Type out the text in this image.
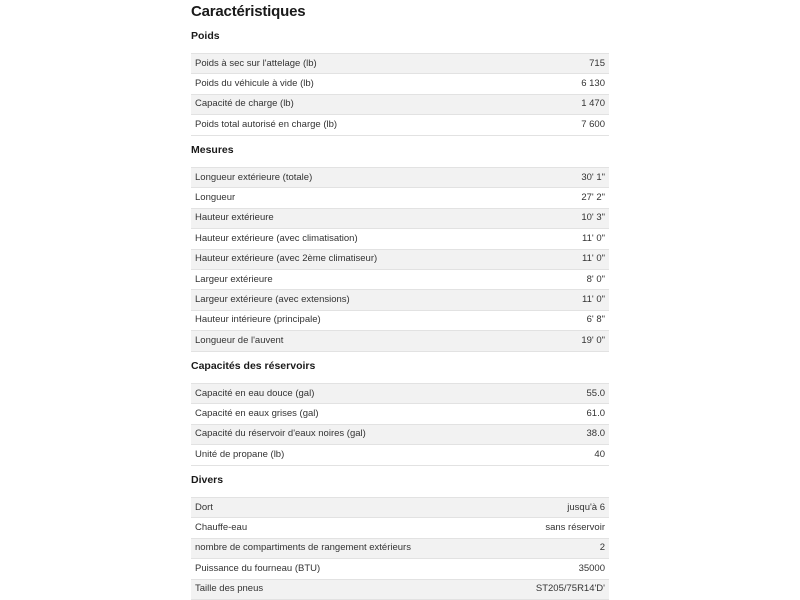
Caractéristiques
Poids
Poids à sec sur l'attelage (lb)	715
Poids du véhicule à vide (lb)	6 130
Capacité de charge (lb)	1 470
Poids total autorisé en charge (lb)	7 600
Mesures
Longueur extérieure (totale)	30' 1"
Longueur	27' 2"
Hauteur extérieure	10' 3"
Hauteur extérieure (avec climatisation)	11' 0"
Hauteur extérieure (avec 2ème climatiseur)	11' 0"
Largeur extérieure	8' 0"
Largeur extérieure (avec extensions)	11' 0"
Hauteur intérieure (principale)	6' 8"
Longueur de l'auvent	19' 0"
Capacités des réservoirs
Capacité en eau douce (gal)	55.0
Capacité en eaux grises (gal)	61.0
Capacité du réservoir d'eaux noires (gal)	38.0
Unité de propane (lb)	40
Divers
Dort	jusqu'à 6
Chauffe-eau	sans réservoir
nombre de compartiments de rangement extérieurs	2
Puissance du fourneau (BTU)	35000
Taille des pneus	ST205/75R14'D'
